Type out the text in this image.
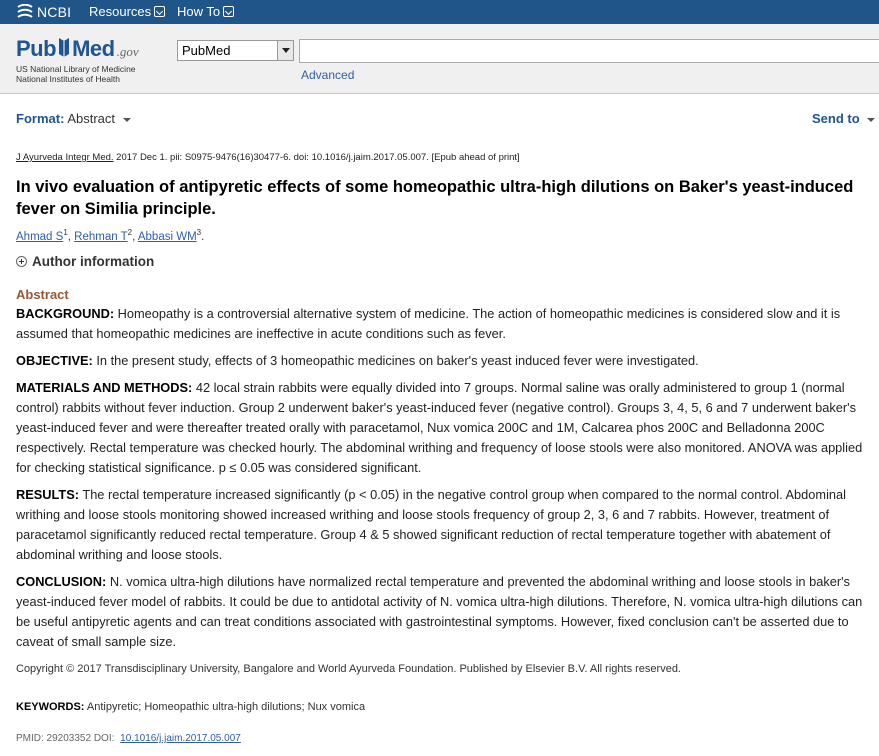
NCBI Resources How To
Pub Med .gov
US National Library of Medicine
National Institutes of Health
PubMed
Advanced
Format: Abstract	Send to
J Ayurveda Integr Med. 2017 Dec 1. pii: S0975-9476(16)30477-6. doi: 10.1016/j.jaim.2017.05.007. [Epub ahead of print]
In vivo evaluation of antipyretic effects of some homeopathic ultra-high dilutions on Baker's yeast-induced fever on Similia principle.
Ahmad $S^1$, Rehman $T^2$, Abbasi $WM^3$.
Author information
Abstract

BACKGROUND: Homeopathy is a controversial alternative system of medicine. The action of homeopathic medicines is considered slow and it is assumed that homeopathic medicines are ineffective in acute conditions such as fever.

OBJECTIVE: In the present study, effects of 3 homeopathic medicines on baker's yeast induced fever were investigated.

MATERIALS AND METHODS: 42 local strain rabbits were equally divided into 7 groups. Normal saline was orally administered to group 1 (normal control) rabbits without fever induction. Group 2 underwent baker's yeast-induced fever (negative control). Groups 3, 4, 5, 6 and 7 underwent baker's yeast-induced fever and were thereafter treated orally with paracetamol, Nux vomica 200C and 1M, Calcarea phos 200C and Belladonna 200C respectively. Rectal temperature was checked hourly. The abdominal writhing and frequency of loose stools were also monitored. ANOVA was applied for checking statistical significance. p ≤ 0.05 was considered significant.

RESULTS: The rectal temperature increased significantly (p < 0.05) in the negative control group when compared to the normal control. Abdominal writhing and loose stools monitoring showed increased writhing and loose stools frequency of group 2, 3, 6 and 7 rabbits. However, treatment of paracetamol significantly reduced rectal temperature. Group 4 & 5 showed significant reduction of rectal temperature together with abatement of abdominal writhing and loose stools.

CONCLUSION: N. vomica ultra-high dilutions have normalized rectal temperature and prevented the abdominal writhing and loose stools in baker's yeast-induced fever model of rabbits. It could be due to antidotal activity of N. vomica ultra-high dilutions. Therefore, N. vomica ultra-high dilutions can be useful antipyretic agents and can treat conditions associated with gastrointestinal symptoms. However, fixed conclusion can't be asserted due to caveat of small sample size.

Copyright © 2017 Transdisciplinary University, Bangalore and World Ayurveda Foundation. Published by Elsevier B.V. All rights reserved.
KEYWORDS: Antipyretic; Homeopathic ultra-high dilutions; Nux vomica
PMID: 29203352 DOI: 10.1016/j.jaim.2017.05.007
